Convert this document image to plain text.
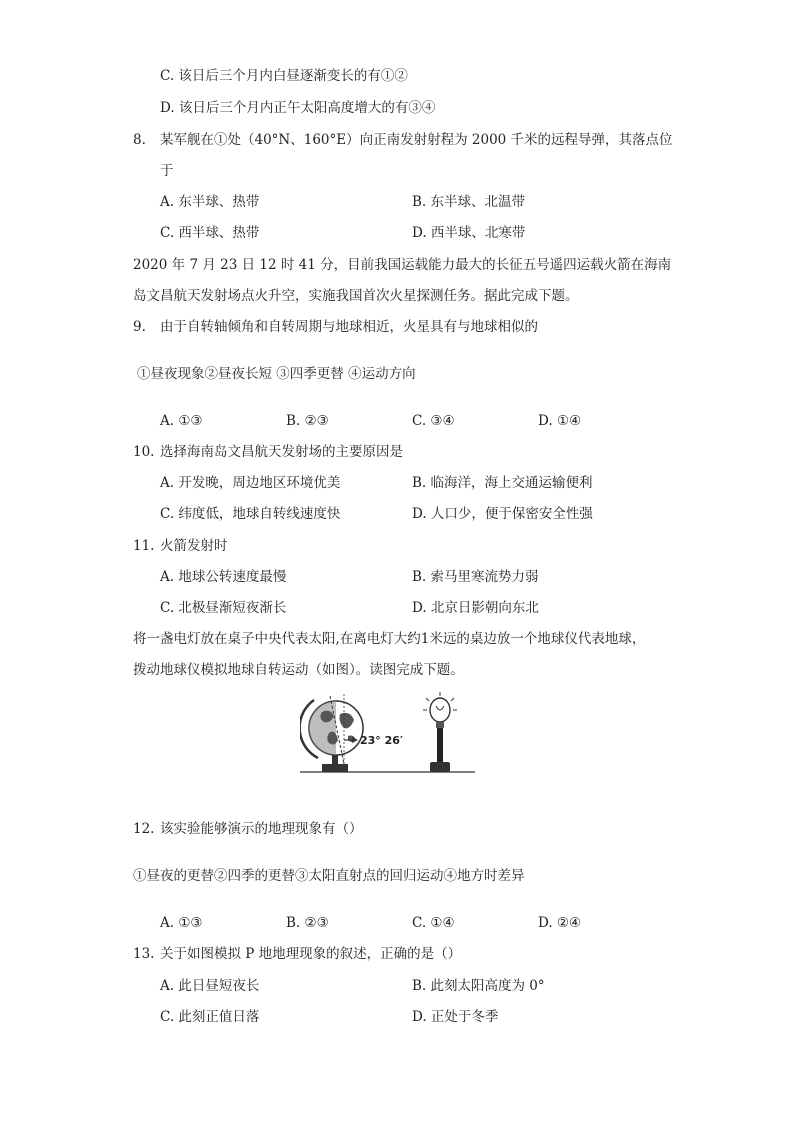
C. 该日后三个月内白昼逐渐变长的有①②
D. 该日后三个月内正午太阳高度增大的有③④
8. 某军舰在①处（40°N、160°E）向正南发射射程为 2000 千米的远程导弹，其落点位
于
A. 东半球、热带	B. 东半球、北温带
C. 西半球、热带	D. 西半球、北寒带
2020 年 7 月 23 日 12 时 41 分，目前我国运载能力最大的长征五号遥四运载火箭在海南
岛文昌航天发射场点火升空，实施我国首次火星探测任务。据此完成下题。
9. 由于自转轴倾角和自转周期与地球相近，火星具有与地球相似的
①昼夜现象②昼夜长短 ③四季更替 ④运动方向
A. ①③	B. ②③	C. ③④	D. ①④
10. 选择海南岛文昌航天发射场的主要原因是
A. 开发晚，周边地区环境优美	B. 临海洋，海上交通运输便利
C. 纬度低，地球自转线速度快	D. 人口少，便于保密安全性强
11. 火箭发射时
A. 地球公转速度最慢	B. 索马里寒流势力弱
C. 北极昼渐短夜渐长	D. 北京日影朝向东北
将一盏电灯放在桌子中央代表太阳,在离电灯大约1米远的桌边放一个地球仪代表地球，
拨动地球仪模拟地球自转运动（如图）。读图完成下题。
23° 26′
12. 该实验能够演示的地理现象有（）
①昼夜的更替②四季的更替③太阳直射点的回归运动④地方时差异
A. ①③	B. ②③	C. ①④	D. ②④
13. 关于如图模拟 P 地地理现象的叙述，正确的是（）
A. 此日昼短夜长	B. 此刻太阳高度为 0°
C. 此刻正值日落	D. 正处于冬季
